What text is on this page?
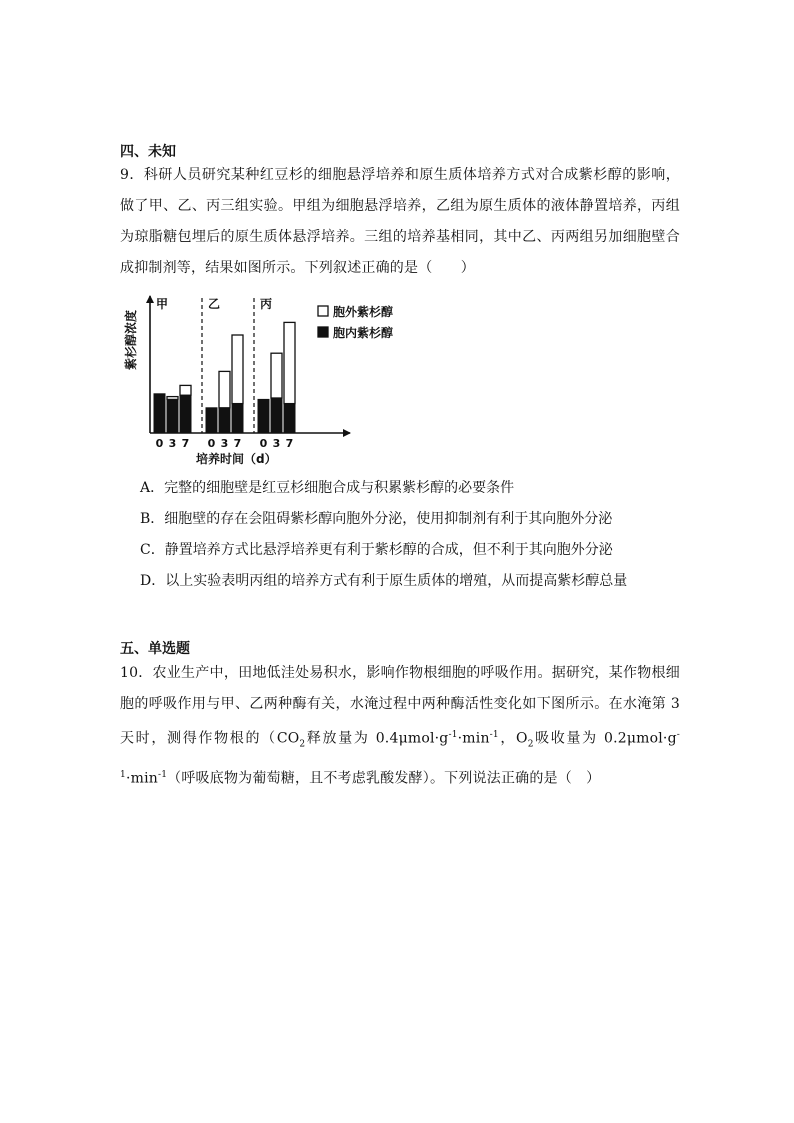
四、未知
9．科研人员研究某种红豆杉的细胞悬浮培养和原生质体培养方式对合成紫杉醇的影响，做了甲、乙、丙三组实验。甲组为细胞悬浮培养，乙组为原生质体的液体静置培养，丙组为琼脂糖包埋后的原生质体悬浮培养。三组的培养基相同，其中乙、丙两组另加细胞壁合成抑制剂等，结果如图所示。下列叙述正确的是（　　）
紫杉醇浓度
培养时间（d）
甲
0 3 7
乙
0 3 7
丙
0 3 7
胞外紫杉醇
胞内紫杉醇
A．完整的细胞壁是红豆杉细胞合成与积累紫杉醇的必要条件
B．细胞壁的存在会阻碍紫杉醇向胞外分泌，使用抑制剂有利于其向胞外分泌
C．静置培养方式比悬浮培养更有利于紫杉醇的合成，但不利于其向胞外分泌
D．以上实验表明丙组的培养方式有利于原生质体的增殖，从而提高紫杉醇总量
五、单选题
10．农业生产中，田地低洼处易积水，影响作物根细胞的呼吸作用。据研究，某作物根细胞的呼吸作用与甲、乙两种酶有关，水淹过程中两种酶活性变化如下图所示。在水淹第 3 天时，测得作物根的（$CO_2$释放量为 $0.4\mu mol\cdot g^{-1}\cdot\min^{-1}$，$O_2$吸收量为 $0.2\mu mol\cdot g^{-1}\cdot\min^{-1}$（呼吸底物为葡萄糖，且不考虑乳酸发酵）。下列说法正确的是（　）
